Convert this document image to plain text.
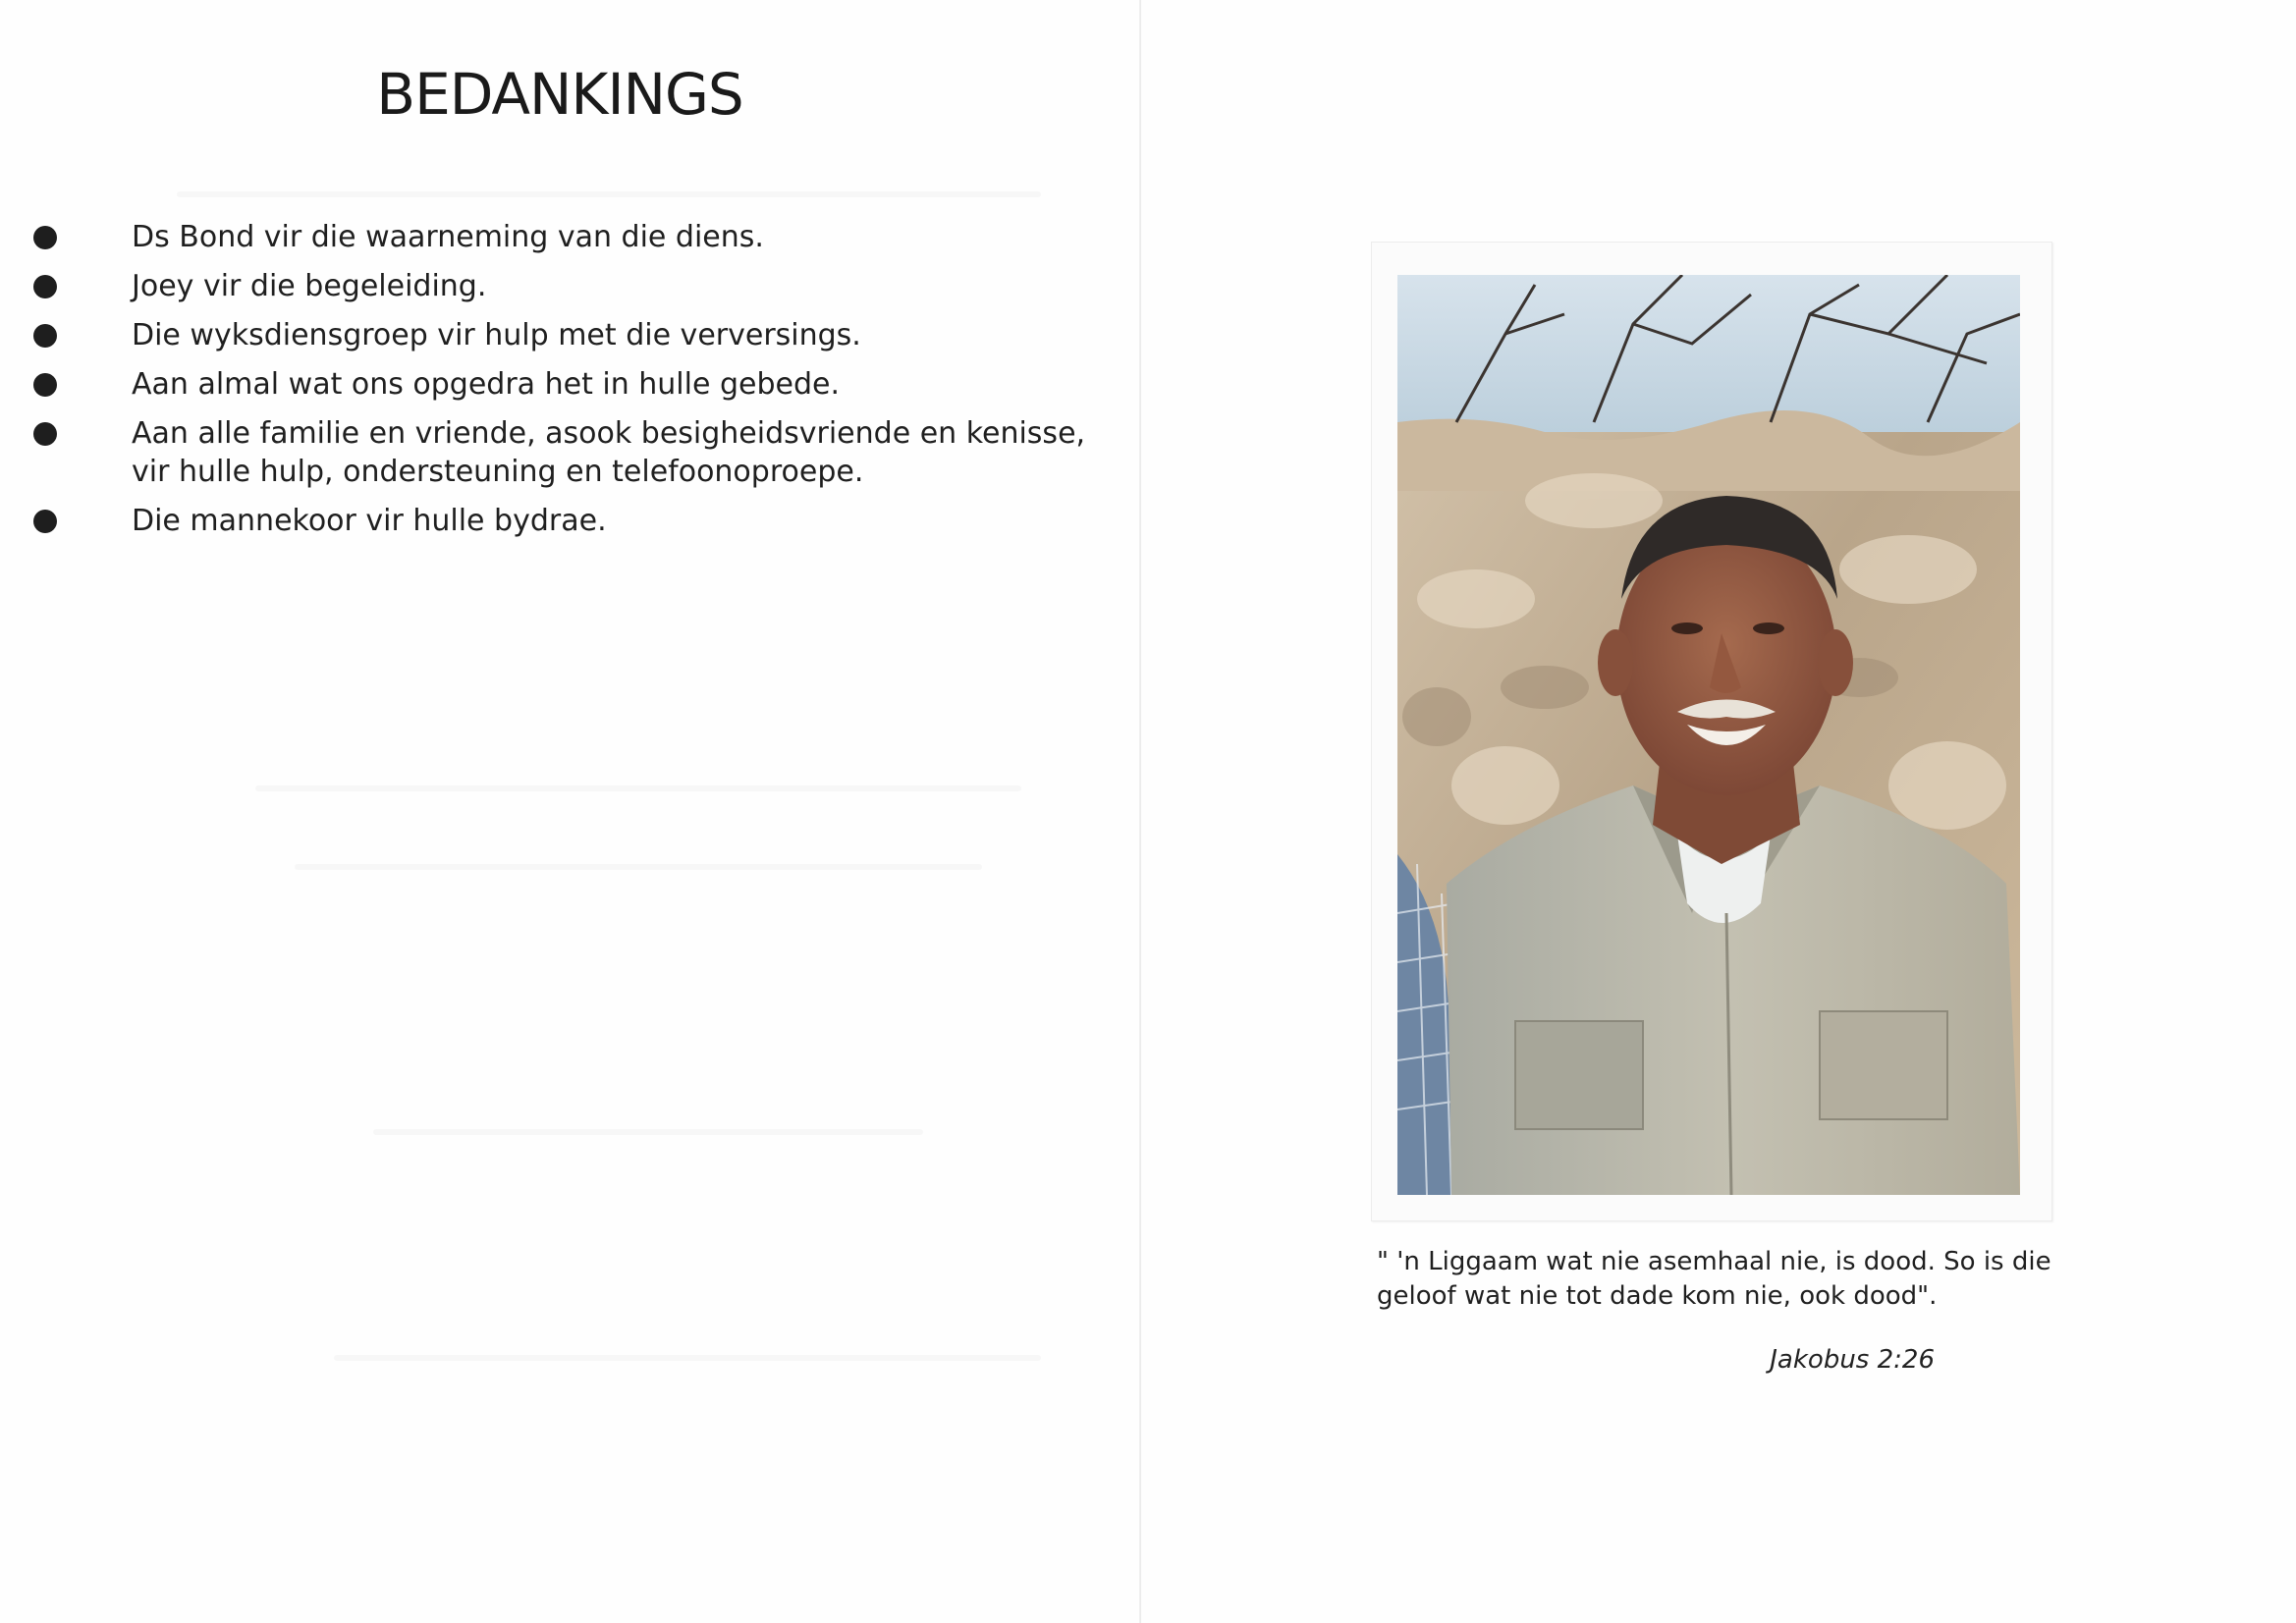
BEDANKINGS
Ds Bond vir die waarneming van die diens.
Joey vir die begeleiding.
Die wyksdiensgroep vir hulp met die verversings.
Aan almal wat ons opgedra het in hulle gebede.
Aan alle familie en vriende, asook besigheidsvriende en kenisse, vir hulle hulp, ondersteuning en telefoonoproepe.
Die mannekoor vir hulle bydrae.

" 'n Liggaam wat nie asemhaal nie, is dood. So is die geloof wat nie tot dade kom nie, ook dood".

Jakobus 2:26
